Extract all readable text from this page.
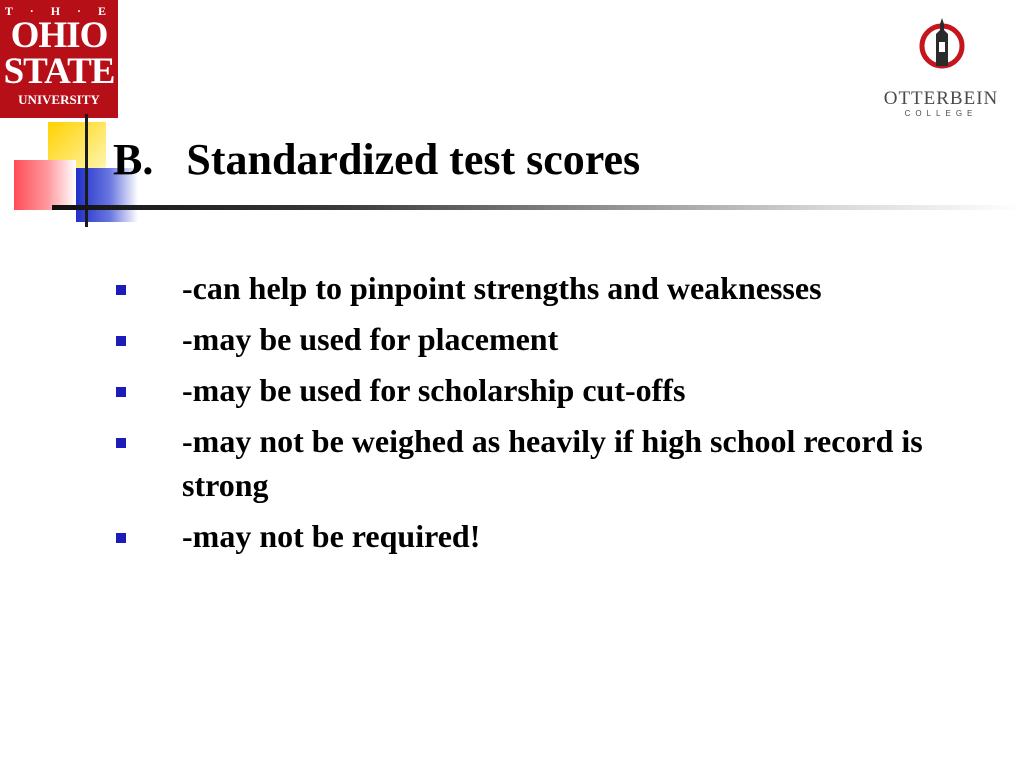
T · H · E
OHIO
STATE
UNIVERSITY	OTTERBEIN
COLLEGE
B.   Standardized test scores
-can help to pinpoint strengths and weaknesses
-may be used for placement
-may be used for scholarship cut-offs
-may not be weighed as heavily if high school record is strong
-may not be required!
